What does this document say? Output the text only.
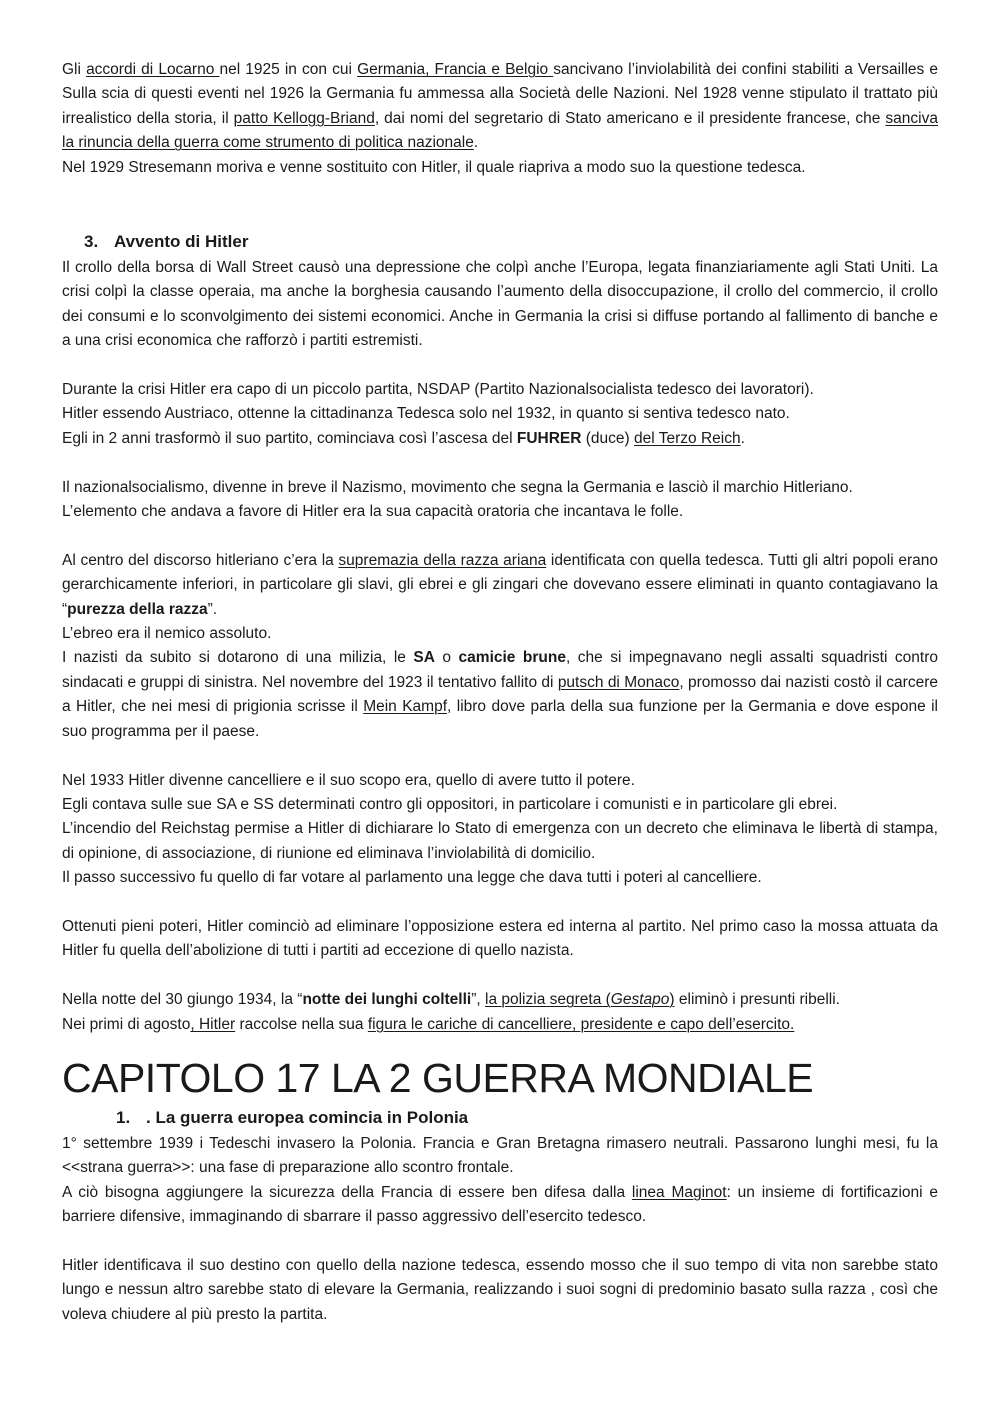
Gli accordi di Locarno nel 1925 in con cui Germania, Francia e Belgio sancivano l’inviolabilità dei confini stabiliti a Versailles e Sulla scia di questi eventi nel 1926 la Germania fu ammessa alla Società delle Nazioni. Nel 1928 venne stipulato il trattato più irrealistico della storia, il patto Kellogg-Briand, dai nomi del segretario di Stato americano e il presidente francese, che sanciva la rinuncia della guerra come strumento di politica nazionale.

Nel 1929 Stresemann moriva e venne sostituito con Hitler, il quale riapriva a modo suo la questione tedesca.

3. Avvento di Hitler

Il crollo della borsa di Wall Street causò una depressione che colpì anche l’Europa, legata finanziariamente agli Stati Uniti. La crisi colpì la classe operaia, ma anche la borghesia causando l’aumento della disoccupazione, il crollo del commercio, il crollo dei consumi e lo sconvolgimento dei sistemi economici. Anche in Germania la crisi si diffuse portando al fallimento di banche e a una crisi economica che rafforzò i partiti estremisti.

Durante la crisi Hitler era capo di un piccolo partita, NSDAP (Partito Nazionalsocialista tedesco dei lavoratori).

Hitler essendo Austriaco, ottenne la cittadinanza Tedesca solo nel 1932, in quanto si sentiva tedesco nato.

Egli in 2 anni trasformò il suo partito, cominciava così l’ascesa del FUHRER (duce) del Terzo Reich.

Il nazionalsocialismo, divenne in breve il Nazismo, movimento che segna la Germania e lasciò il marchio Hitleriano.

L’elemento che andava a favore di Hitler era la sua capacità oratoria che incantava le folle.

Al centro del discorso hitleriano c’era la supremazia della razza ariana identificata con quella tedesca. Tutti gli altri popoli erano gerarchicamente inferiori, in particolare gli slavi, gli ebrei e gli zingari che dovevano essere eliminati in quanto contagiavano la “purezza della razza”.

L’ebreo era il nemico assoluto.

I nazisti da subito si dotarono di una milizia, le SA o camicie brune, che si impegnavano negli assalti squadristi contro sindacati e gruppi di sinistra. Nel novembre del 1923 il tentativo fallito di putsch di Monaco, promosso dai nazisti costò il carcere a Hitler, che nei mesi di prigionia scrisse il Mein Kampf, libro dove parla della sua funzione per la Germania e dove espone il suo programma per il paese.

Nel 1933 Hitler divenne cancelliere e il suo scopo era, quello di avere tutto il potere.

Egli contava sulle sue SA e SS determinati contro gli oppositori, in particolare i comunisti e in particolare gli ebrei.

L’incendio del Reichstag permise a Hitler di dichiarare lo Stato di emergenza con un decreto che eliminava le libertà di stampa, di opinione, di associazione, di riunione ed eliminava l’inviolabilità di domicilio.

Il passo successivo fu quello di far votare al parlamento una legge che dava tutti i poteri al cancelliere.

Ottenuti pieni poteri, Hitler cominciò ad eliminare l’opposizione estera ed interna al partito. Nel primo caso la mossa attuata da Hitler fu quella dell’abolizione di tutti i partiti ad eccezione di quello nazista.

Nella notte del 30 giungo 1934, la “notte dei lunghi coltelli”, la polizia segreta (Gestapo) eliminò i presunti ribelli.

Nei primi di agosto, Hitler raccolse nella sua figura le cariche di cancelliere, presidente e capo dell’esercito.

CAPITOLO 17 LA 2 GUERRA MONDIALE
1. . La guerra europea comincia in Polonia

1° settembre 1939 i Tedeschi invasero la Polonia. Francia e Gran Bretagna rimasero neutrali. Passarono lunghi mesi, fu la <<strana guerra>>: una fase di preparazione allo scontro frontale.

A ciò bisogna aggiungere la sicurezza della Francia di essere ben difesa dalla linea Maginot: un insieme di fortificazioni e barriere difensive, immaginando di sbarrare il passo aggressivo dell’esercito tedesco.

Hitler identificava il suo destino con quello della nazione tedesca, essendo mosso che il suo tempo di vita non sarebbe stato lungo e nessun altro sarebbe stato di elevare la Germania, realizzando i suoi sogni di predominio basato sulla razza , così che voleva chiudere al più presto la partita.
